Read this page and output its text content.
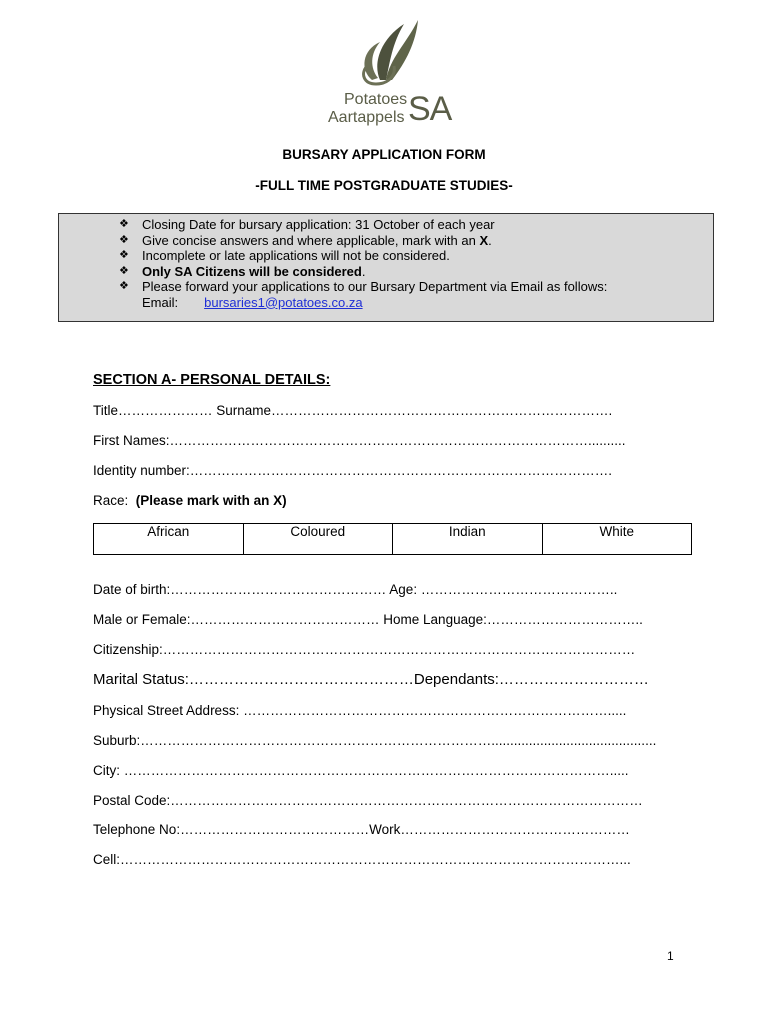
Potatoes
Aartappels SA
BURSARY APPLICATION FORM
-FULL TIME POSTGRADUATE STUDIES-
❖ Closing Date for bursary application: 31 October of each year
❖ Give concise answers and where applicable, mark with an X.
❖ Incomplete or late applications will not be considered.
❖ Only SA Citizens will be considered.
❖ Please forward your applications to our Bursary Department via Email as follows:
Email: bursaries1@potatoes.co.za
SECTION A- PERSONAL DETAILS:
Title………………… Surname………………………………………………………………….
First Names:…………………………………………………………………………………..........
Identity number:………………………………………………………………………………….
Race: (Please mark with an X)
African	Coloured	Indian	White
Date of birth:………………………………………… Age: ……………………………………..
Male or Female:…………………………………… Home Language:……………………………..
Citizenship:……………………………………………………………………………………………
Marital Status:………………………………………Dependants:…………………………
Physical Street Address: ……………………………………………………………………….....
Suburb:……………………………………………………………………............................................
City: ……………………………………………………………………………………………….....
Postal Code:……………………………………………………………………………………………
Telephone No:……………………………………Work……………………………………………
Cell:…………………………………………………………………………………………………...
1
